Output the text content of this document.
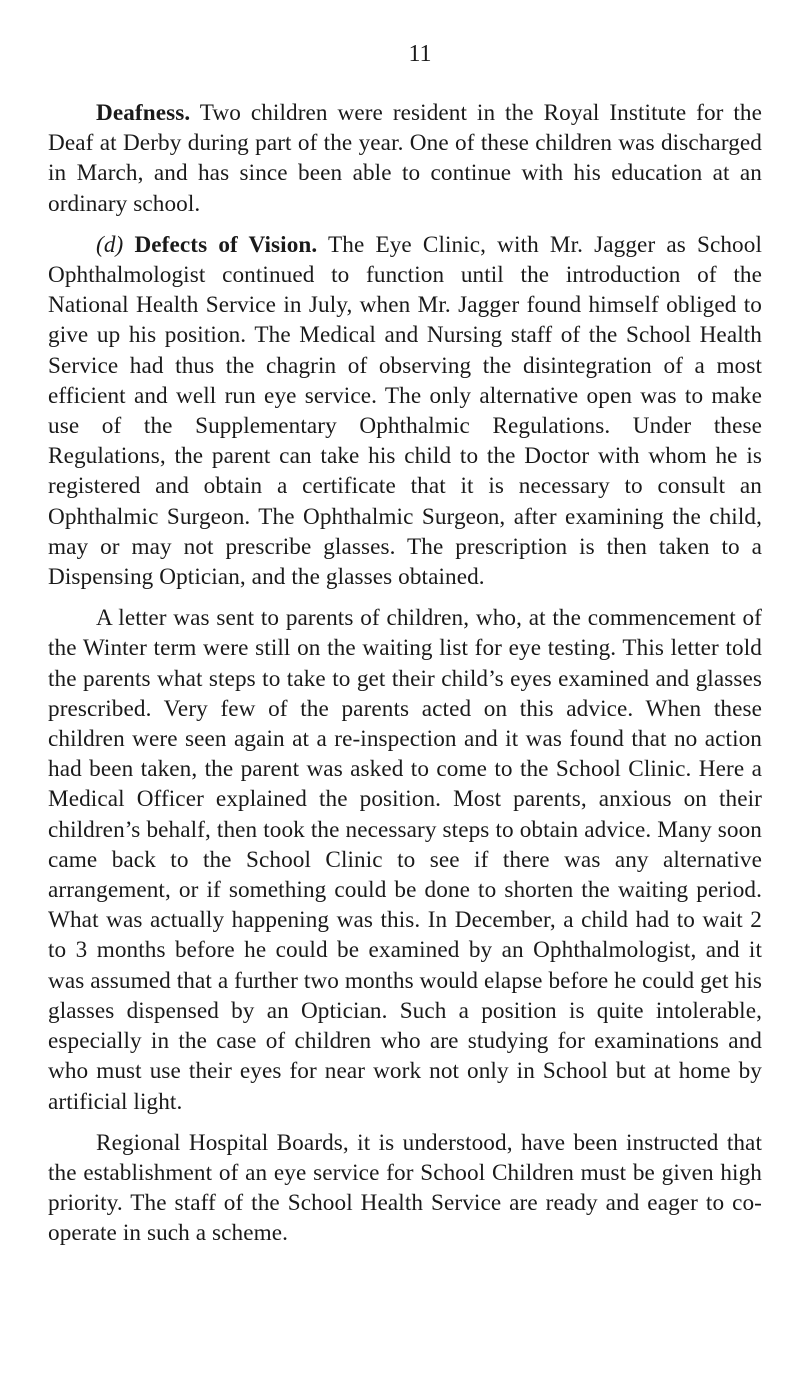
11

Deafness. Two children were resident in the Royal Institute for the Deaf at Derby during part of the year. One of these children was discharged in March, and has since been able to continue with his education at an ordinary school.

(d) Defects of Vision. The Eye Clinic, with Mr. Jagger as School Ophthalmologist continued to function until the introduction of the National Health Service in July, when Mr. Jagger found himself obliged to give up his position. The Medical and Nursing staff of the School Health Service had thus the chagrin of observing the disintegration of a most efficient and well run eye service. The only alternative open was to make use of the Supplementary Ophthalmic Regulations. Under these Regulations, the parent can take his child to the Doctor with whom he is registered and obtain a certificate that it is necessary to consult an Ophthalmic Surgeon. The Ophthalmic Surgeon, after examining the child, may or may not prescribe glasses. The prescription is then taken to a Dispensing Optician, and the glasses obtained.

A letter was sent to parents of children, who, at the commencement of the Winter term were still on the waiting list for eye testing. This letter told the parents what steps to take to get their child’s eyes examined and glasses prescribed. Very few of the parents acted on this advice. When these children were seen again at a re-inspection and it was found that no action had been taken, the parent was asked to come to the School Clinic. Here a Medical Officer explained the position. Most parents, anxious on their children’s behalf, then took the necessary steps to obtain advice. Many soon came back to the School Clinic to see if there was any alternative arrangement, or if something could be done to shorten the waiting period. What was actually happening was this. In December, a child had to wait 2 to 3 months before he could be examined by an Ophthalmologist, and it was assumed that a further two months would elapse before he could get his glasses dispensed by an Optician. Such a position is quite intolerable, especially in the case of children who are studying for examinations and who must use their eyes for near work not only in School but at home by artificial light.

Regional Hospital Boards, it is understood, have been instructed that the establishment of an eye service for School Children must be given high priority. The staff of the School Health Service are ready and eager to co-operate in such a scheme.
